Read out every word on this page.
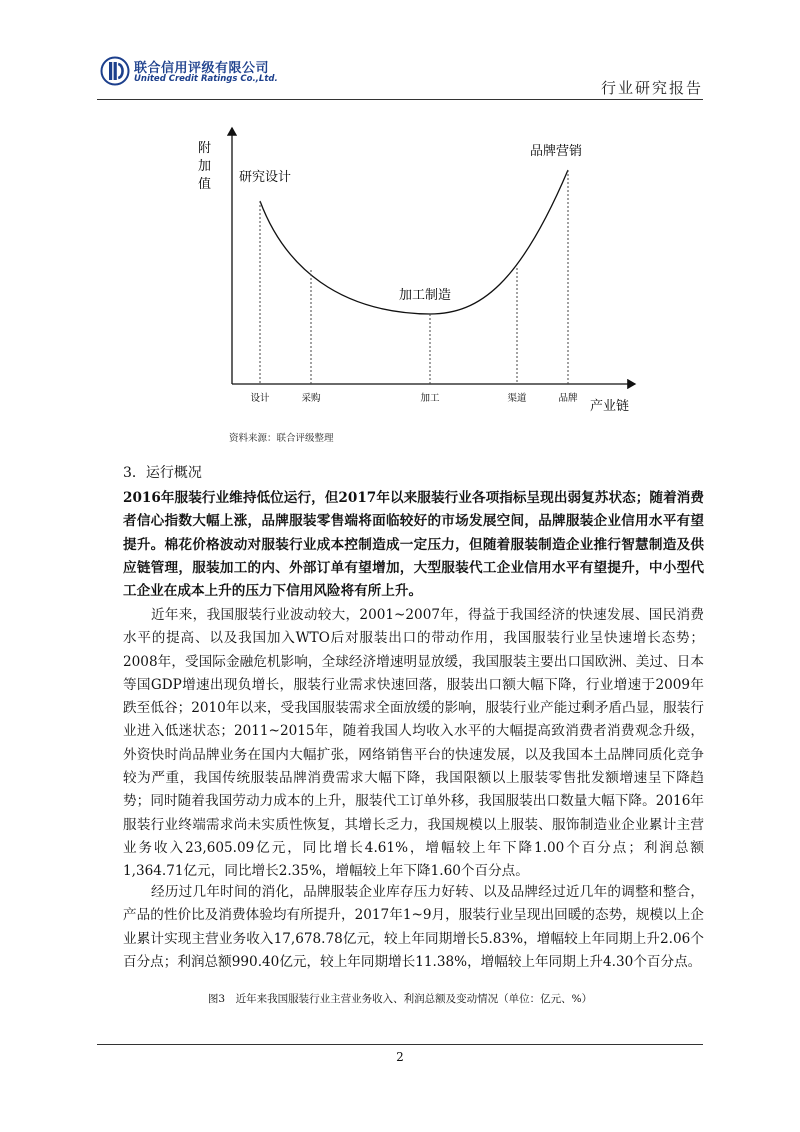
联合信用评级有限公司
United Credit Ratings Co.,Ltd.	行业研究报告
附
加
值 研究设计
加工制造
品牌营销
设计	采购	加工	渠道	品牌
产业链
资料来源：联合评级整理
3．运行概况

2016年服装行业维持低位运行，但2017年以来服装行业各项指标呈现出弱复苏状态；随着消费者信心指数大幅上涨，品牌服装零售端将面临较好的市场发展空间，品牌服装企业信用水平有望提升。棉花价格波动对服装行业成本控制造成一定压力，但随着服装制造企业推行智慧制造及供应链管理，服装加工的内、外部订单有望增加，大型服装代工企业信用水平有望提升，中小型代工企业在成本上升的压力下信用风险将有所上升。

近年来，我国服装行业波动较大，2001~2007年，得益于我国经济的快速发展、国民消费水平的提高、以及我国加入WTO后对服装出口的带动作用，我国服装行业呈快速增长态势；2008年，受国际金融危机影响，全球经济增速明显放缓，我国服装主要出口国欧洲、美过、日本等国GDP增速出现负增长，服装行业需求快速回落，服装出口额大幅下降，行业增速于2009年跌至低谷；2010年以来，受我国服装需求全面放缓的影响，服装行业产能过剩矛盾凸显，服装行业进入低迷状态；2011~2015年，随着我国人均收入水平的大幅提高致消费者消费观念升级，外资快时尚品牌业务在国内大幅扩张，网络销售平台的快速发展，以及我国本土品牌同质化竞争较为严重，我国传统服装品牌消费需求大幅下降，我国限额以上服装零售批发额增速呈下降趋势；同时随着我国劳动力成本的上升，服装代工订单外移，我国服装出口数量大幅下降。2016年服装行业终端需求尚未实质性恢复，其增长乏力，我国规模以上服装、服饰制造业企业累计主营业务收入23,605.09亿元，同比增长4.61%，增幅较上年下降1.00个百分点；利润总额1,364.71亿元，同比增长2.35%，增幅较上年下降1.60个百分点。

经历过几年时间的消化，品牌服装企业库存压力好转、以及品牌经过近几年的调整和整合，产品的性价比及消费体验均有所提升，2017年1~9月，服装行业呈现出回暖的态势，规模以上企业累计实现主营业务收入17,678.78亿元，较上年同期增长5.83%，增幅较上年同期上升2.06个百分点；利润总额990.40亿元，较上年同期增长11.38%，增幅较上年同期上升4.30个百分点。

图3　近年来我国服装行业主营业务收入、利润总额及变动情况（单位：亿元、%）
2
